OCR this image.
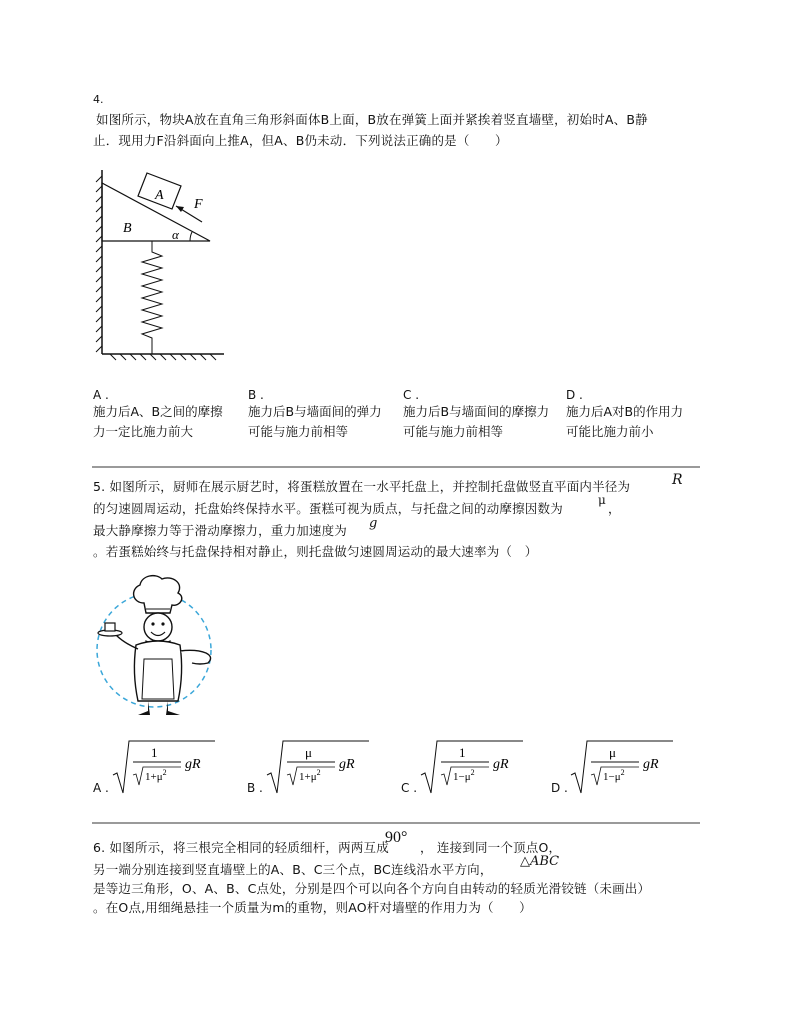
4.
如图所示，物块A放在直角三角形斜面体B上面，B放在弹簧上面并紧挨着竖直墙壁，初始时A、B静
止．现用力F沿斜面向上推A，但A、B仍未动．下列说法正确的是（　　）
A
B
F
α
A .
施力后A、B之间的摩擦
力一定比施力前大
B .
施力后B与墙面间的弹力
可能与施力前相等
C .
施力后B与墙面间的摩擦力
可能与施力前相等
D .
施力后A对B的作用力
可能比施力前小
5. 如图所示，厨师在展示厨艺时，将蛋糕放置在一水平托盘上，并控制托盘做竖直平面内半径为	R
的匀速圆周运动，托盘始终保持水平。蛋糕可视为质点，与托盘之间的动摩擦因数为
μ
，
最大静摩擦力等于滑动摩擦力，重力加速度为 g
。若蛋糕始终与托盘保持相对静止，则托盘做匀速圆周运动的最大速率为（　）
A .
1
$1+\mu^2$
gR
B .
μ
$1+\mu^2$
gR
C .
1
$1-\mu^2$
gR
D .
μ
$1-\mu^2$
gR
6. 如图所示，将三根完全相同的轻质细杆，两两互成
90°
， 连接到同一个顶点O，
另一端分别连接到竖直墙壁上的A、B、C三个点，BC连线沿水平方向，
△ABC
是等边三角形，O、A、B、C点处，分别是四个可以向各个方向自由转动的轻质光滑铰链（未画出）
。在O点,用细绳悬挂一个质量为m的重物，则AO杆对墙壁的作用力为（　　）
